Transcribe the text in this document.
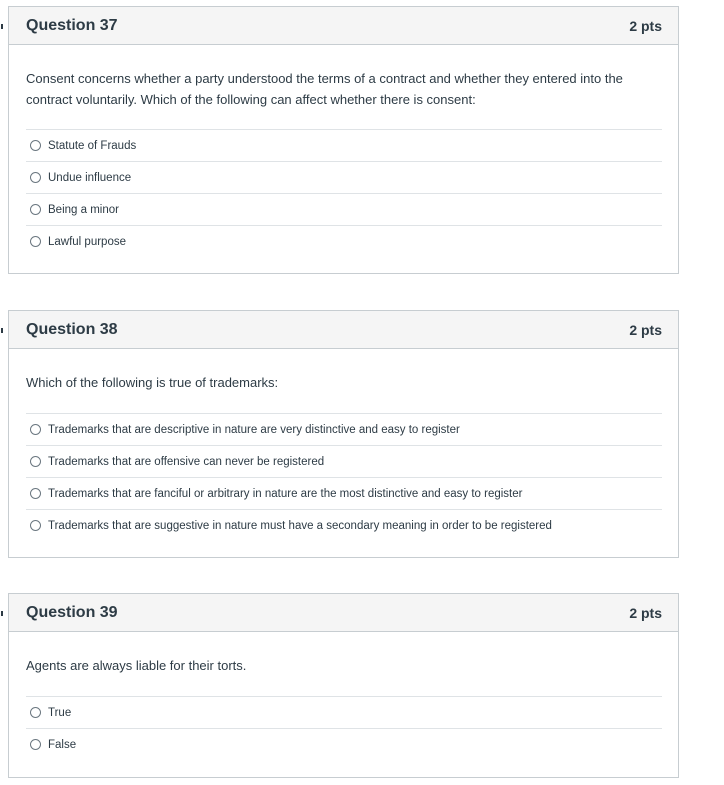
Question 37	2 pts

Consent concerns whether a party understood the terms of a contract and whether they entered into the contract voluntarily. Which of the following can affect whether there is consent:

Statute of Frauds
Undue influence
Being a minor
Lawful purpose
Question 38	2 pts

Which of the following is true of trademarks:

Trademarks that are descriptive in nature are very distinctive and easy to register
Trademarks that are offensive can never be registered
Trademarks that are fanciful or arbitrary in nature are the most distinctive and easy to register
Trademarks that are suggestive in nature must have a secondary meaning in order to be registered
Question 39	2 pts

Agents are always liable for their torts.

True
False
